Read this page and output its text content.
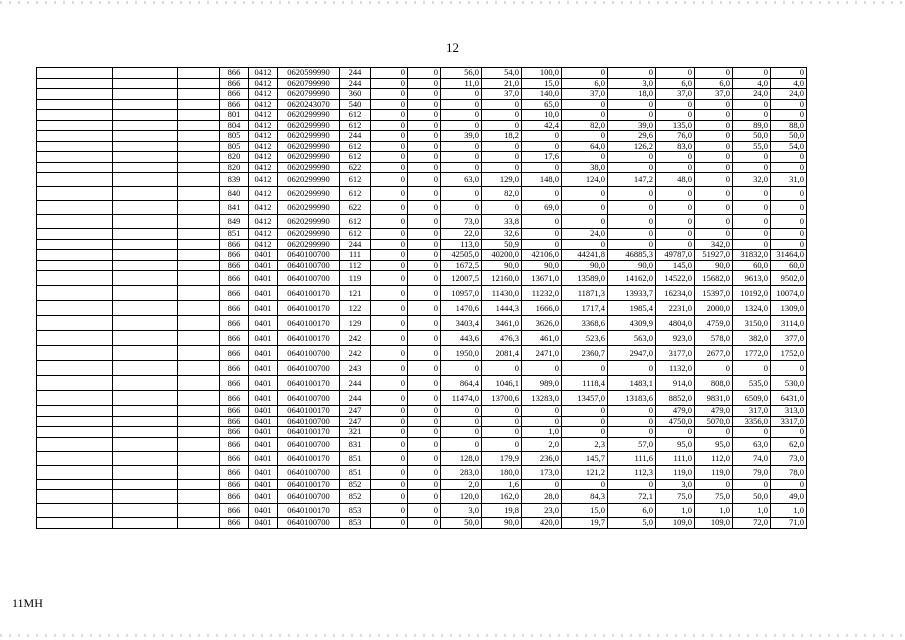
12
			866	0412	0620599990	244	0	0	56,0	54,0	100,0	0	0	0	0	0	0
			866	0412	0620799990	244	0	0	11,0	21,0	15,0	6,0	3,0	6,0	6,0	4,0	4,0
			866	0412	0620799990	360	0	0	0	37,0	140,0	37,0	18,0	37,0	37,0	24,0	24,0
			866	0412	0620243070	540	0	0	0	0	65,0	0	0	0	0	0	0
			801	0412	0620299990	612	0	0	0	0	10,0	0	0	0	0	0	0
			804	0412	0620299990	612	0	0	0	0	42,4	82,0	39,0	135,0	0	89,0	88,0
			805	0412	0620299990	244	0	0	39,0	18,2	0	0	29,6	76,0	0	50,0	50,0
			805	0412	0620299990	612	0	0	0	0	0	64,0	126,2	83,0	0	55,0	54,0
			820	0412	0620299990	612	0	0	0	0	17,6	0	0	0	0	0	0
			820	0412	0620299990	622	0	0	0	0	0	38,0	0	0	0	0	0
			839	0412	0620299990	612	0	0	63,0	129,0	148,0	124,0	147,2	48,0	0	32,0	31,0
			840	0412	0620299990	612	0	0	0	82,0	0	0	0	0	0	0	0
			841	0412	0620299990	622	0	0	0	0	69,0	0	0	0	0	0	0
			849	0412	0620299990	612	0	0	73,0	33,8	0	0	0	0	0	0	0
			851	0412	0620299990	612	0	0	22,0	32,6	0	24,0	0	0	0	0	0
			866	0412	0620299990	244	0	0	113,0	50,9	0	0	0	0	342,0	0	0
			866	0401	0640100700	111	0	0	42505,0	40200,0	42106,0	44241,8	46885,3	49787,0	51927,0	31832,0	31464,0
			866	0401	0640100700	112	0	0	1672,5	90,0	90,0	90,0	90,0	145,0	90,0	60,0	60,0
			866	0401	0640100700	119	0	0	12007,5	12160,0	13671,0	13589,0	14162,0	14522,0	15682,0	9613,0	9502,0
			866	0401	0640100170	121	0	0	10957,0	11430,0	11232,0	11871,3	13933,7	16234,0	15397,0	10192,0	10074,0
			866	0401	0640100170	122	0	0	1470,6	1444,3	1666,0	1717,4	1985,4	2231,0	2000,0	1324,0	1309,0
			866	0401	0640100170	129	0	0	3403,4	3461,0	3626,0	3368,6	4309,9	4804,0	4759,0	3150,0	3114,0
			866	0401	0640100170	242	0	0	443,6	476,3	461,0	523,6	563,0	923,0	578,0	382,0	377,0
			866	0401	0640100700	242	0	0	1950,0	2081,4	2471,0	2360,7	2947,0	3177,0	2677,0	1772,0	1752,0
			866	0401	0640100700	243	0	0	0	0	0	0	0	1132,0	0	0	0
			866	0401	0640100170	244	0	0	864,4	1046,1	989,0	1118,4	1483,1	914,0	808,0	535,0	530,0
			866	0401	0640100700	244	0	0	11474,0	13700,6	13283,0	13457,0	13183,6	8852,0	9831,0	6509,0	6431,0
			866	0401	0640100170	247	0	0	0	0	0	0	0	479,0	479,0	317,0	313,0
			866	0401	0640100700	247	0	0	0	0	0	0	0	4750,0	5070,0	3356,0	3317,0
			866	0401	0640100170	321	0	0	0	0	1,0	0	0	0	0	0	0
			866	0401	0640100700	831	0	0	0	0	2,0	2,3	57,0	95,0	95,0	63,0	62,0
			866	0401	0640100170	851	0	0	128,0	179,9	236,0	145,7	111,6	111,0	112,0	74,0	73,0
			866	0401	0640100700	851	0	0	283,0	180,0	173,0	121,2	112,3	119,0	119,0	79,0	78,0
			866	0401	0640100170	852	0	0	2,0	1,6	0	0	0	3,0	0	0	0
			866	0401	0640100700	852	0	0	120,0	162,0	28,0	84,3	72,1	75,0	75,0	50,0	49,0
			866	0401	0640100170	853	0	0	3,0	19,8	23,0	15,0	6,0	1,0	1,0	1,0	1,0
			866	0401	0640100700	853	0	0	50,0	90,0	420,0	19,7	5,0	109,0	109,0	72,0	71,0
11МН
